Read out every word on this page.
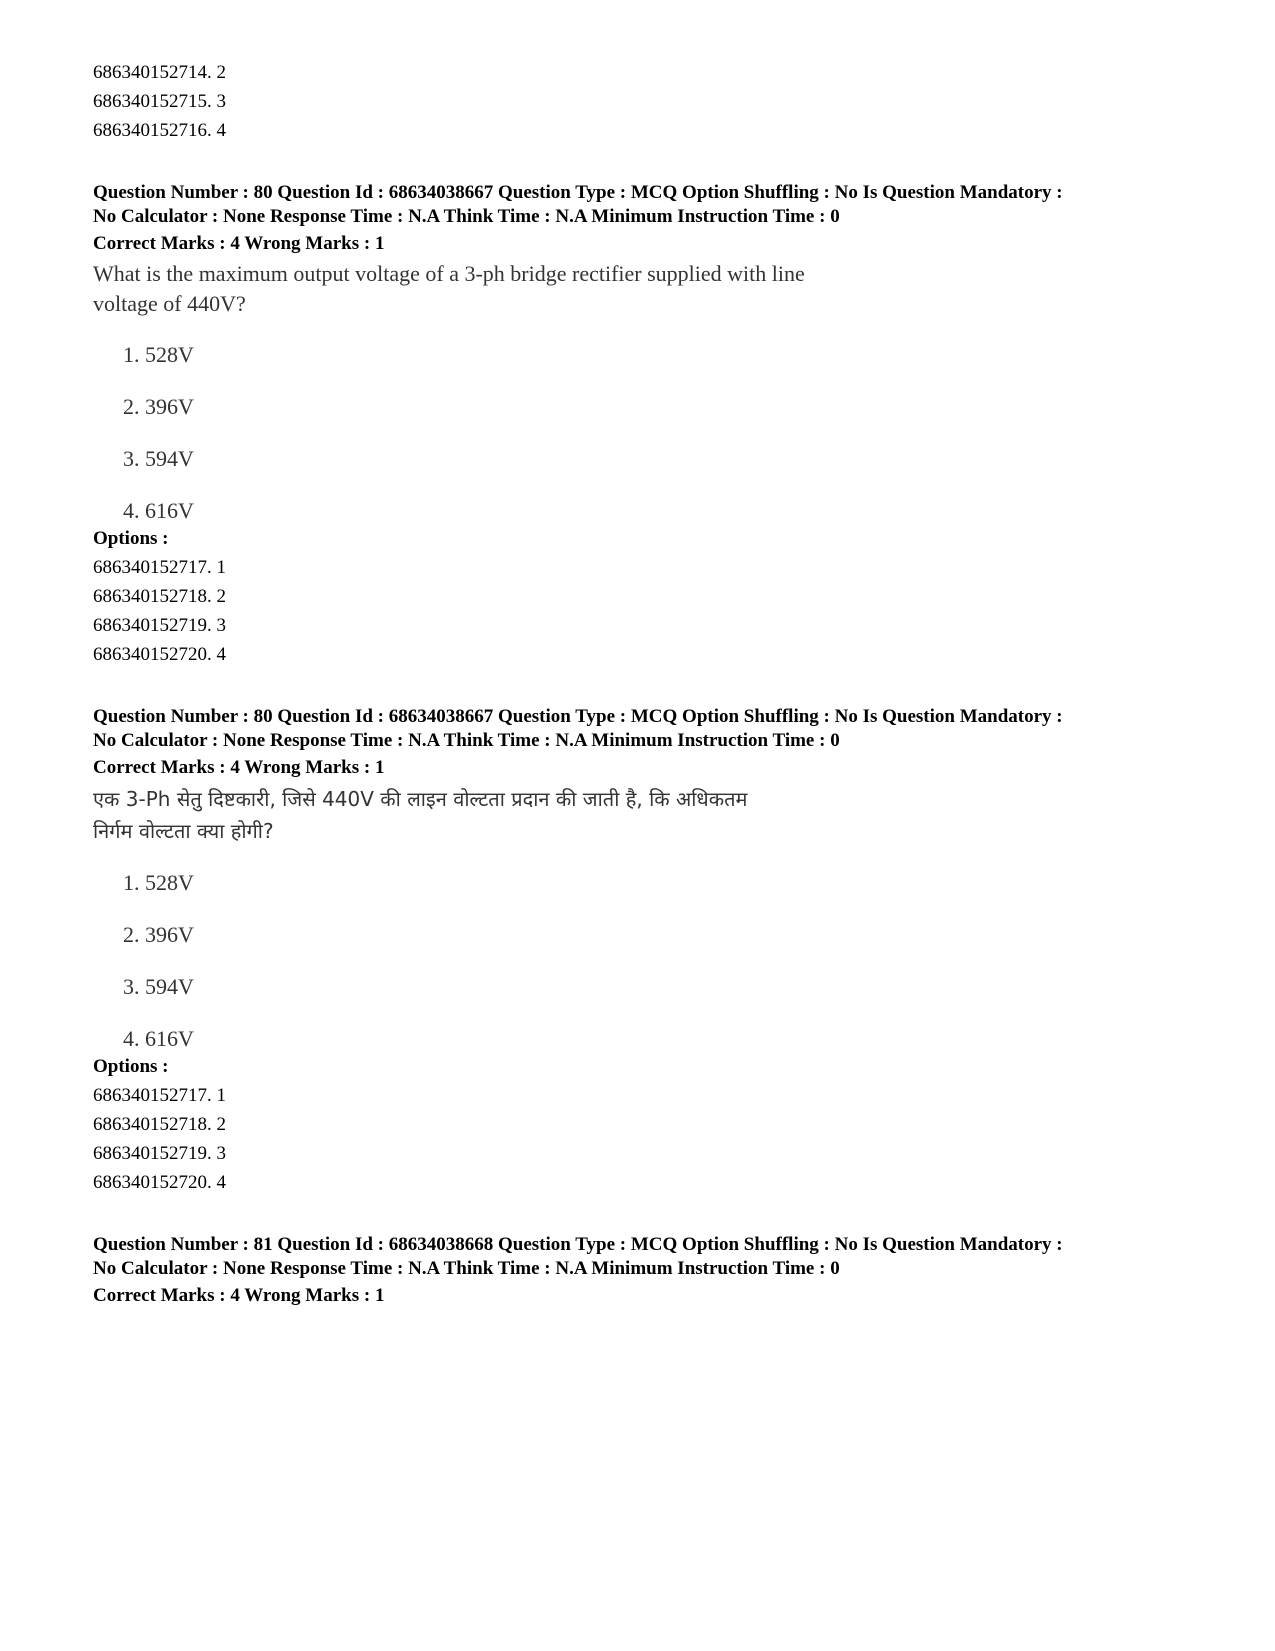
686340152714. 2
686340152715. 3
686340152716. 4
Question Number : 80 Question Id : 68634038667 Question Type : MCQ Option Shuffling : No Is Question Mandatory :
No Calculator : None Response Time : N.A Think Time : N.A Minimum Instruction Time : 0
Correct Marks : 4 Wrong Marks : 1
What is the maximum output voltage of a 3-ph bridge rectifier supplied with line
voltage of 440V?
1. 528V
2. 396V
3. 594V
4. 616V
Options :
686340152717. 1
686340152718. 2
686340152719. 3
686340152720. 4
Question Number : 80 Question Id : 68634038667 Question Type : MCQ Option Shuffling : No Is Question Mandatory :
No Calculator : None Response Time : N.A Think Time : N.A Minimum Instruction Time : 0
Correct Marks : 4 Wrong Marks : 1
एक 3-Ph सेतु दिष्टकारी, जिसे 440V की लाइन वोल्टता प्रदान की जाती है, कि अधिकतम
निर्गम वोल्टता क्या होगी?
1. 528V
2. 396V
3. 594V
4. 616V
Options :
686340152717. 1
686340152718. 2
686340152719. 3
686340152720. 4
Question Number : 81 Question Id : 68634038668 Question Type : MCQ Option Shuffling : No Is Question Mandatory :
No Calculator : None Response Time : N.A Think Time : N.A Minimum Instruction Time : 0
Correct Marks : 4 Wrong Marks : 1
